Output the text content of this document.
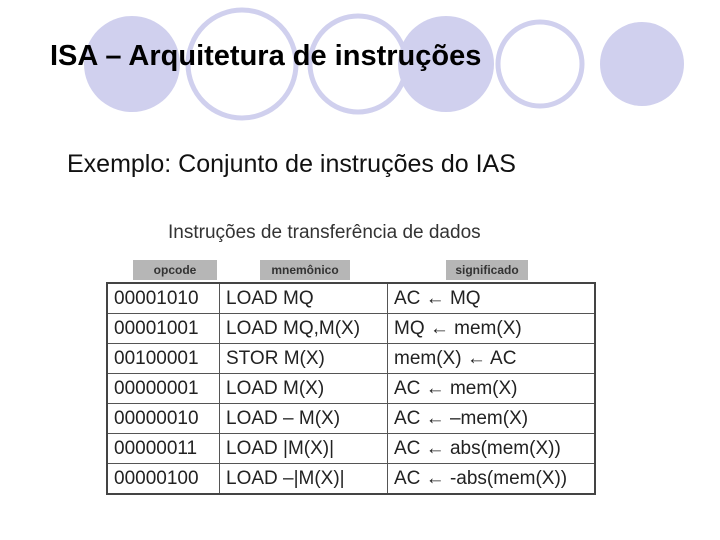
ISA – Arquitetura de instruções
Exemplo: Conjunto de instruções do IAS
Instruções de transferência de dados
opcode	mnemônico	significado
00001010	LOAD MQ	AC ← MQ
00001001	LOAD MQ,M(X)	MQ ← mem(X)
00100001	STOR M(X)	mem(X) ← AC
00000001	LOAD M(X)	AC ← mem(X)
00000010	LOAD – M(X)	AC ← –mem(X)
00000011	LOAD |M(X)|	AC ← abs(mem(X))
00000100	LOAD –|M(X)|	AC ← -abs(mem(X))
